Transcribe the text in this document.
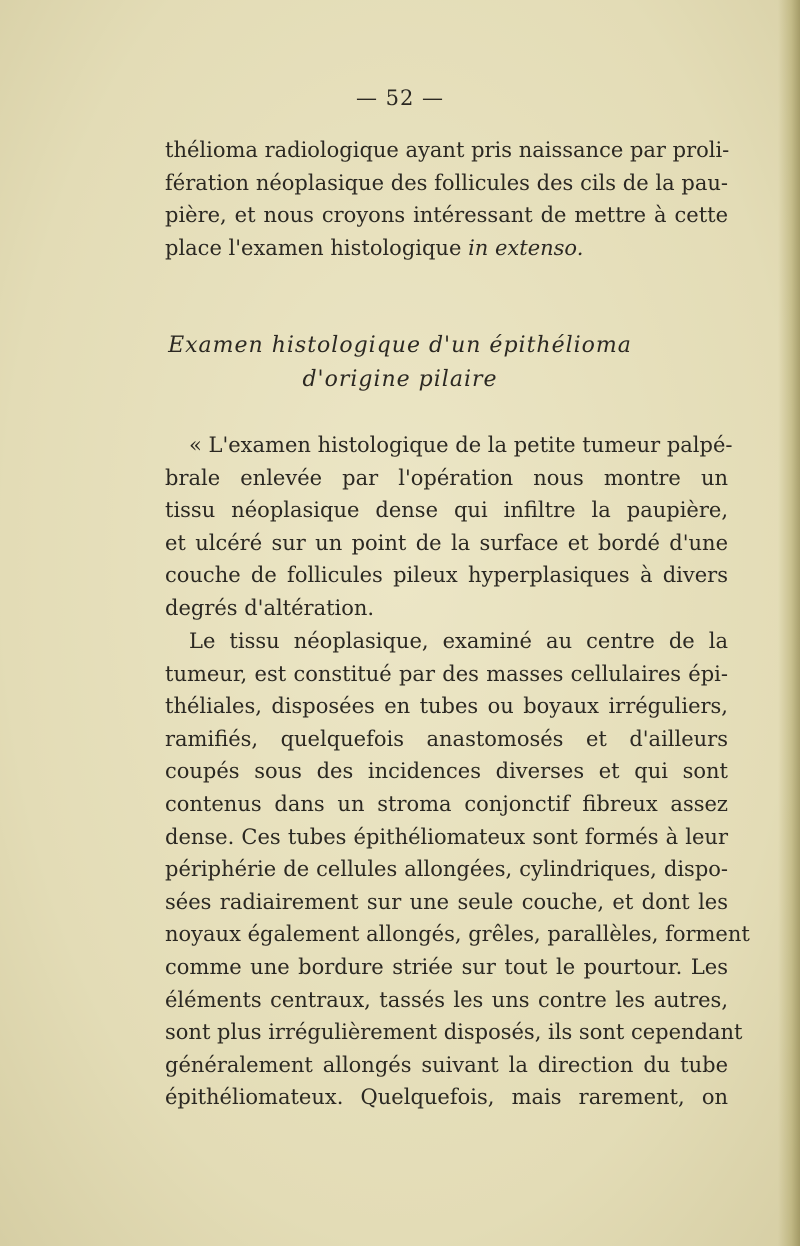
— 52 —
thélioma radiologique ayant pris naissance par proli-
fération néoplasique des follicules des cils de la pau-
pière, et nous croyons intéressant de mettre à cette
place l'examen histologique in extenso.
Examen histologique d'un épithélioma
d'origine pilaire
« L'examen histologique de la petite tumeur palpé-
brale enlevée par l'opération nous montre un
tissu néoplasique dense qui infiltre la paupière,
et ulcéré sur un point de la surface et bordé d'une
couche de follicules pileux hyperplasiques à divers
degrés d'altération.
Le tissu néoplasique, examiné au centre de la
tumeur, est constitué par des masses cellulaires épi-
théliales, disposées en tubes ou boyaux irréguliers,
ramifiés, quelquefois anastomosés et d'ailleurs
coupés sous des incidences diverses et qui sont
contenus dans un stroma conjonctif fibreux assez
dense. Ces tubes épithéliomateux sont formés à leur
périphérie de cellules allongées, cylindriques, dispo-
sées radiairement sur une seule couche, et dont les
noyaux également allongés, grêles, parallèles, forment
comme une bordure striée sur tout le pourtour. Les
éléments centraux, tassés les uns contre les autres,
sont plus irrégulièrement disposés, ils sont cependant
généralement allongés suivant la direction du tube
épithéliomateux. Quelquefois, mais rarement, on
